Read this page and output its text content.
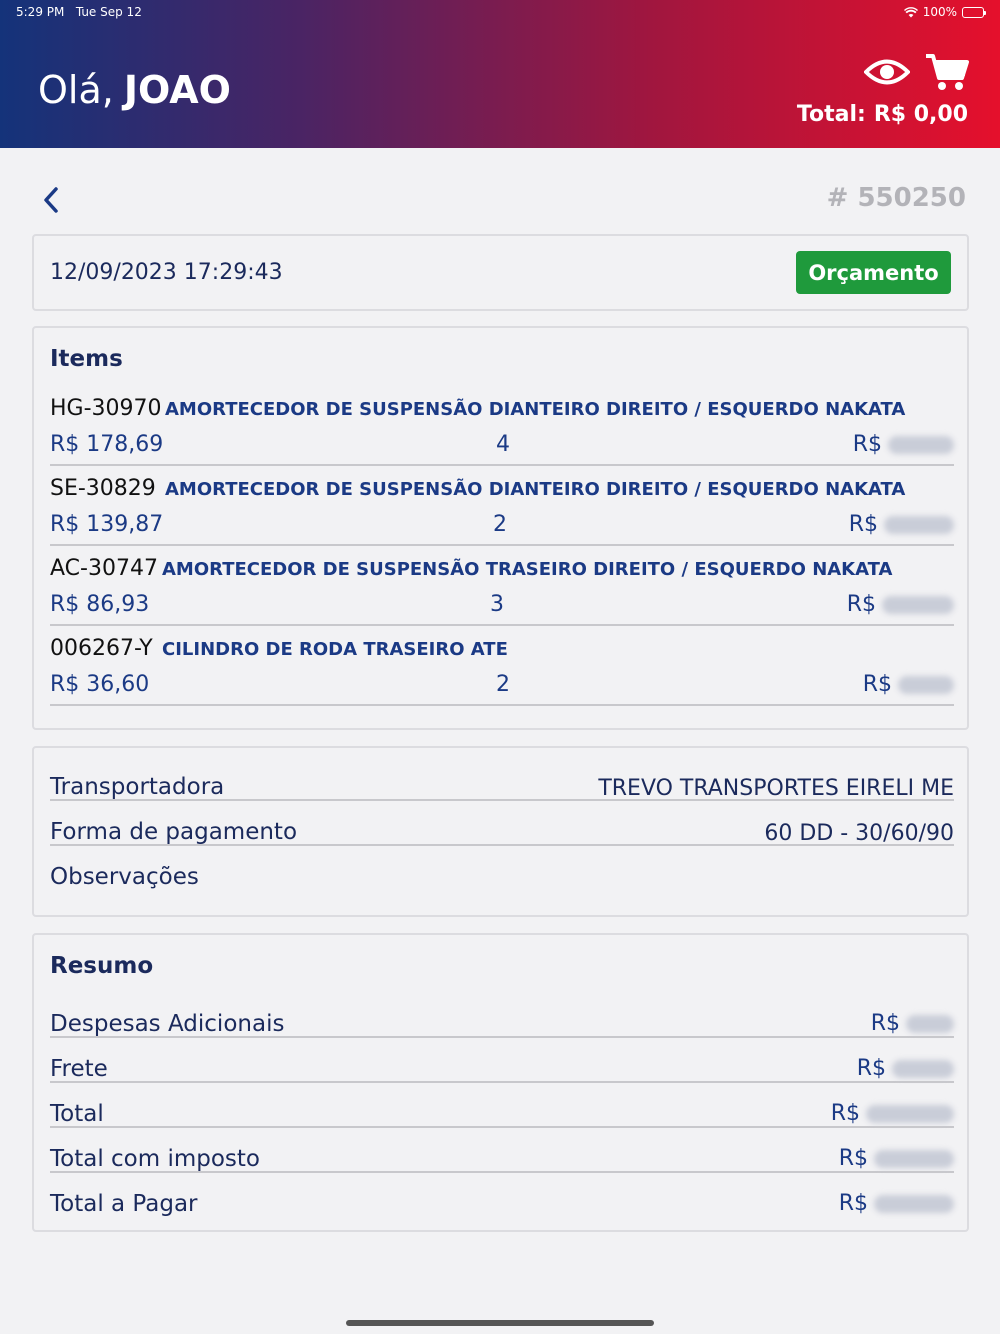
5:29 PM Tue Sep 12	100%
Olá, JOAO
Total: R$ 0,00
# 550250
12/09/2023 17:29:43	Orçamento
Items
HG-30970 AMORTECEDOR DE SUSPENSÃO DIANTEIRO DIREITO / ESQUERDO NAKATA
R$ 178,69	4	R$
SE-30829 AMORTECEDOR DE SUSPENSÃO DIANTEIRO DIREITO / ESQUERDO NAKATA
R$ 139,87	2	R$
AC-30747 AMORTECEDOR DE SUSPENSÃO TRASEIRO DIREITO / ESQUERDO NAKATA
R$ 86,93	3	R$
006267-Y CILINDRO DE RODA TRASEIRO ATE
R$ 36,60	2	R$
Transportadora	TREVO TRANSPORTES EIRELI ME
Forma de pagamento	60 DD - 30/60/90
Observações
Resumo
Despesas Adicionais	R$
Frete	R$
Total	R$
Total com imposto	R$
Total a Pagar	R$
